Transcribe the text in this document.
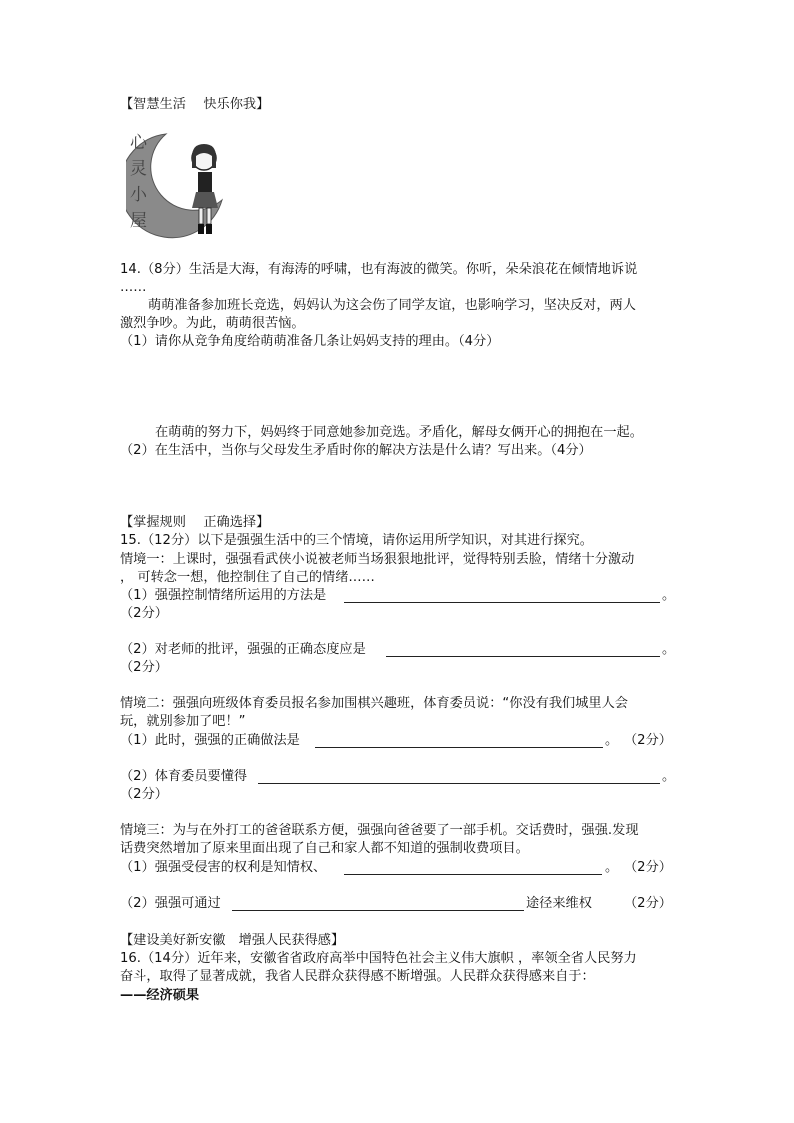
【智慧生活　 快乐你我】
心灵小屋
14.（8分）生活是大海，有海涛的呼啸，也有海波的微笑。你听，朵朵浪花在倾情地诉说
……
萌萌准备参加班长竞选，妈妈认为这会伤了同学友谊，也影响学习，坚决反对，两人
激烈争吵。为此，萌萌很苦恼。
（1）请你从竞争角度给萌萌准备几条让妈妈支持的理由。（4分）
在萌萌的努力下，妈妈终于同意她参加竞选。矛盾化，解母女俩开心的拥抱在一起。
（2）在生活中，当你与父母发生矛盾时你的解决方法是什么请？写出来。（4分）
【掌握规则　 正确选择】
15.（12分）以下是强强生活中的三个情境，请你运用所学知识，对其进行探究。
情境一：上课时，强强看武侠小说被老师当场狠狠地批评，觉得特别丢脸，情绪十分激动
， 可转念一想，他控制住了自己的情绪……
（1）强强控制情绪所运用的方法是	。
（2分）
（2）对老师的批评，强强的正确态度应是	。
（2分）
情境二：强强向班级体育委员报名参加围棋兴趣班，体育委员说：“你没有我们城里人会
玩，就别参加了吧！”
（1）此时，强强的正确做法是	。 （2分）
（2）体育委员要懂得	。
（2分）
情境三：为与在外打工的爸爸联系方便，强强向爸爸要了一部手机。交话费时，强强.发现
话费突然增加了原来里面出现了自己和家人都不知道的强制收费项目。
（1）强强受侵害的权利是知情权、	。 （2分）
（2）强强可通过	途径来维权 （2分）
【建设美好新安徽　增强人民获得感】
16.（14分）近年来，安徽省省政府高举中国特色社会主义伟大旗帜 ，率领全省人民努力
奋斗，取得了显著成就，我省人民群众获得感不断增强。人民群众获得感来自于：
——经济硕果
